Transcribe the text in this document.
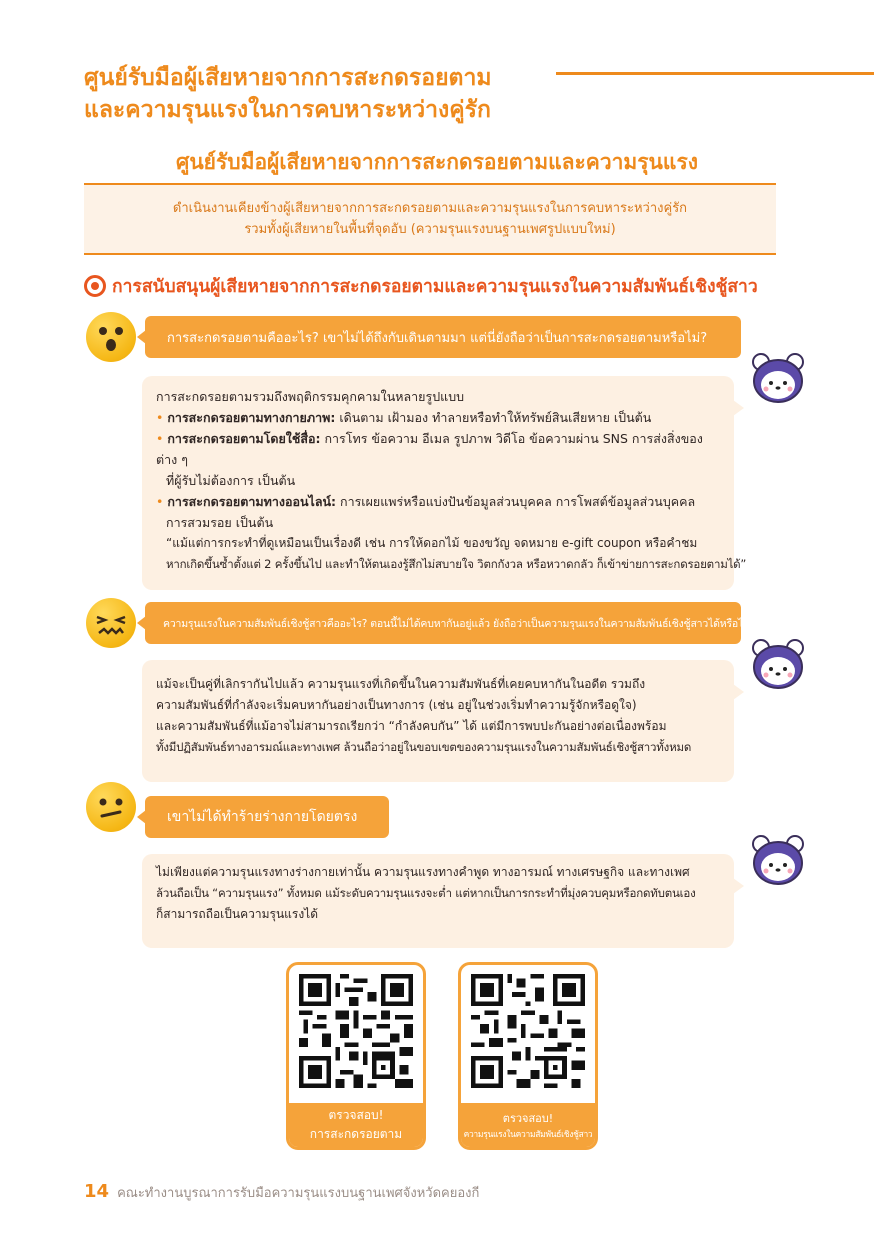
ศูนย์รับมือผู้เสียหายจากการสะกดรอยตาม
และความรุนแรงในการคบหาระหว่างคู่รัก
ศูนย์รับมือผู้เสียหายจากการสะกดรอยตามและความรุนแรง
ดำเนินงานเคียงข้างผู้เสียหายจากการสะกดรอยตามและความรุนแรงในการคบหาระหว่างคู่รัก
รวมทั้งผู้เสียหายในพื้นที่จุดอับ (ความรุนแรงบนฐานเพศรูปแบบใหม่)
การสนับสนุนผู้เสียหายจากการสะกดรอยตามและความรุนแรงในความสัมพันธ์เชิงชู้สาว
การสะกดรอยตามคืออะไร? เขาไม่ได้ถึงกับเดินตามมา แต่นี่ยังถือว่าเป็นการสะกดรอยตามหรือไม่?
การสะกดรอยตามรวมถึงพฤติกรรมคุกคามในหลายรูปแบบ
• การสะกดรอยตามทางกายภาพ: เดินตาม เฝ้ามอง ทำลายหรือทำให้ทรัพย์สินเสียหาย เป็นต้น
• การสะกดรอยตามโดยใช้สื่อ: การโทร ข้อความ อีเมล รูปภาพ วิดีโอ ข้อความผ่าน SNS การส่งสิ่งของต่าง ๆ
ที่ผู้รับไม่ต้องการ เป็นต้น
• การสะกดรอยตามทางออนไลน์: การเผยแพร่หรือแบ่งปันข้อมูลส่วนบุคคล การโพสต์ข้อมูลส่วนบุคคล
การสวมรอย เป็นต้น
“แม้แต่การกระทำที่ดูเหมือนเป็นเรื่องดี เช่น การให้ดอกไม้ ของขวัญ จดหมาย e-gift coupon หรือคำชม
หากเกิดขึ้นซ้ำตั้งแต่ 2 ครั้งขึ้นไป และทำให้ตนเองรู้สึกไม่สบายใจ วิตกกังวล หรือหวาดกลัว ก็เข้าข่ายการสะกดรอยตามได้”
ความรุนแรงในความสัมพันธ์เชิงชู้สาวคืออะไร? ตอนนี้ไม่ได้คบหากันอยู่แล้ว ยังถือว่าเป็นความรุนแรงในความสัมพันธ์เชิงชู้สาวได้หรือไม่?
แม้จะเป็นคู่ที่เลิกรากันไปแล้ว ความรุนแรงที่เกิดขึ้นในความสัมพันธ์ที่เคยคบหากันในอดีต รวมถึง
ความสัมพันธ์ที่กำลังจะเริ่มคบหากันอย่างเป็นทางการ (เช่น อยู่ในช่วงเริ่มทำความรู้จักหรือดูใจ)
และความสัมพันธ์ที่แม้อาจไม่สามารถเรียกว่า “กำลังคบกัน” ได้ แต่มีการพบปะกันอย่างต่อเนื่องพร้อม
ทั้งมีปฏิสัมพันธ์ทางอารมณ์และทางเพศ ล้วนถือว่าอยู่ในขอบเขตของความรุนแรงในความสัมพันธ์เชิงชู้สาวทั้งหมด
เขาไม่ได้ทำร้ายร่างกายโดยตรง
ไม่เพียงแต่ความรุนแรงทางร่างกายเท่านั้น ความรุนแรงทางคำพูด ทางอารมณ์ ทางเศรษฐกิจ และทางเพศ
ล้วนถือเป็น “ความรุนแรง” ทั้งหมด แม้ระดับความรุนแรงจะต่ำ แต่หากเป็นการกระทำที่มุ่งควบคุมหรือกดทับตนเอง
ก็สามารถถือเป็นความรุนแรงได้
ตรวจสอบ!
การสะกดรอยตาม
ตรวจสอบ!
ความรุนแรงในความสัมพันธ์เชิงชู้สาว
14 คณะทำงานบูรณาการรับมือความรุนแรงบนฐานเพศจังหวัดคยองกี
